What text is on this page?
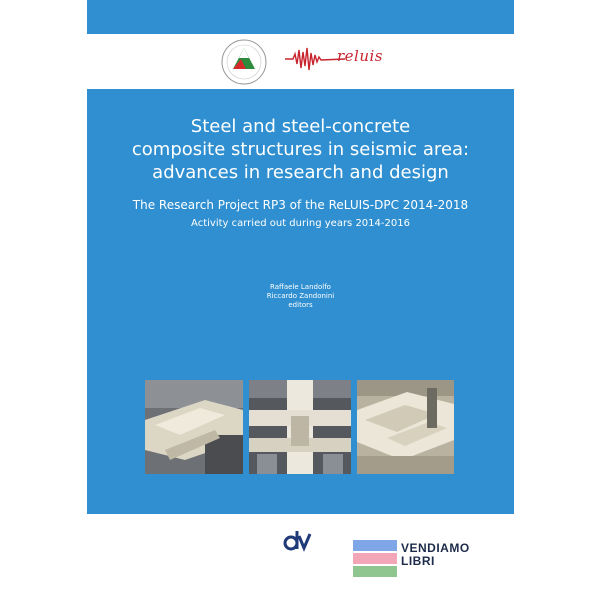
reluis
Steel and steel-concrete
composite structures in seismic area:
advances in research and design
The Research Project RP3 of the ReLUIS-DPC 2014-2018
Activity carried out during years 2014-2016
Raffaele Landolfo
Riccardo Zandonini
editors
VENDIAMO
LIBRI
